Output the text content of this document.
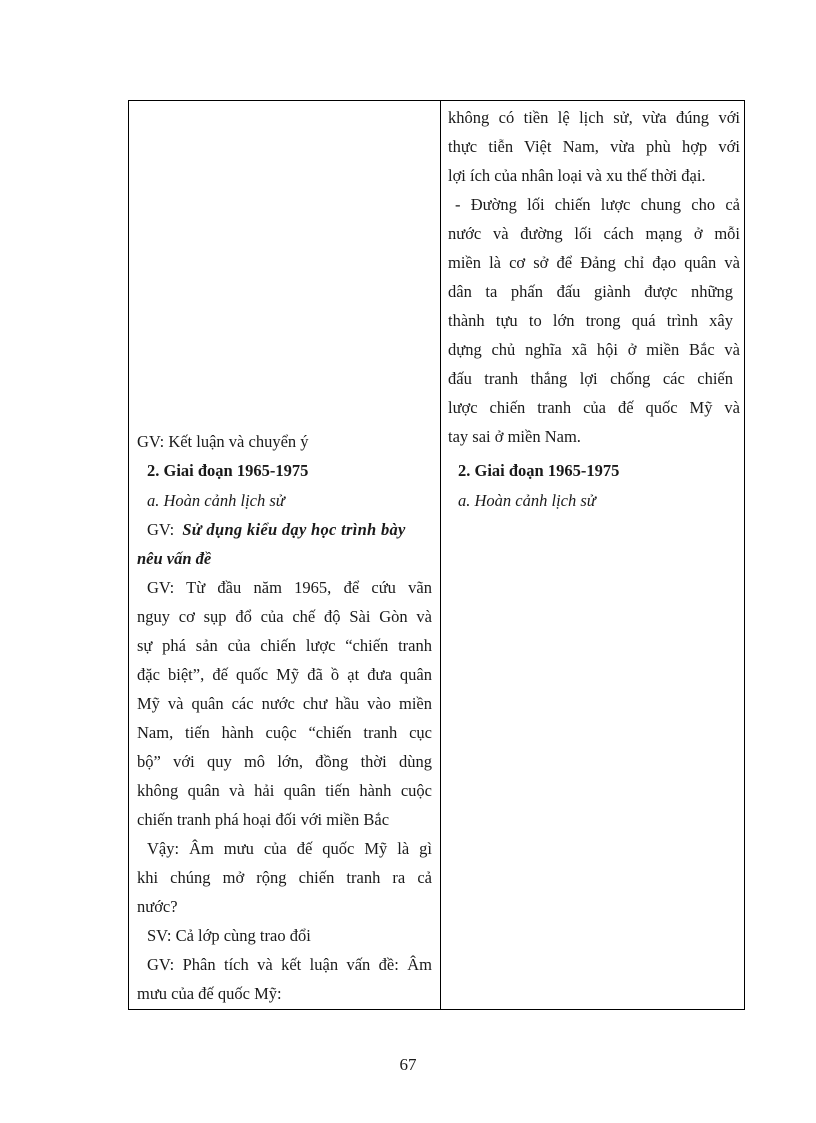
GV: Kết luận và chuyển ý
2. Giai đoạn 1965-1975
a. Hoàn cảnh lịch sử
GV: Sử dụng kiểu dạy học trình bày
nêu vấn đề
GV: Từ đầu năm 1965, để cứu vãn
nguy cơ sụp đổ của chế độ Sài Gòn và
sự phá sản của chiến lược “chiến tranh
đặc biệt”, đế quốc Mỹ đã ồ ạt đưa quân
Mỹ và quân các nước chư hầu vào miền
Nam, tiến hành cuộc “chiến tranh cục
bộ” với quy mô lớn, đồng thời dùng
không quân và hải quân tiến hành cuộc
chiến tranh phá hoại đối với miền Bắc
Vậy: Âm mưu của đế quốc Mỹ là gì
khi chúng mở rộng chiến tranh ra cả
nước?
SV: Cả lớp cùng trao đổi
GV: Phân tích và kết luận vấn đề: Âm
mưu của đế quốc Mỹ:
không có tiền lệ lịch sử, vừa đúng với
thực tiễn Việt Nam, vừa phù hợp với
lợi ích của nhân loại và xu thế thời đại.
- Đường lối chiến lược chung cho cả
nước và đường lối cách mạng ở mỗi
miền là cơ sở để Đảng chỉ đạo quân và
dân ta phấn đấu giành được những
thành tựu to lớn trong quá trình xây
dựng chủ nghĩa xã hội ở miền Bắc và
đấu tranh thắng lợi chống các chiến
lược chiến tranh của đế quốc Mỹ và
tay sai ở miền Nam.
2. Giai đoạn 1965-1975
a. Hoàn cảnh lịch sử
67
